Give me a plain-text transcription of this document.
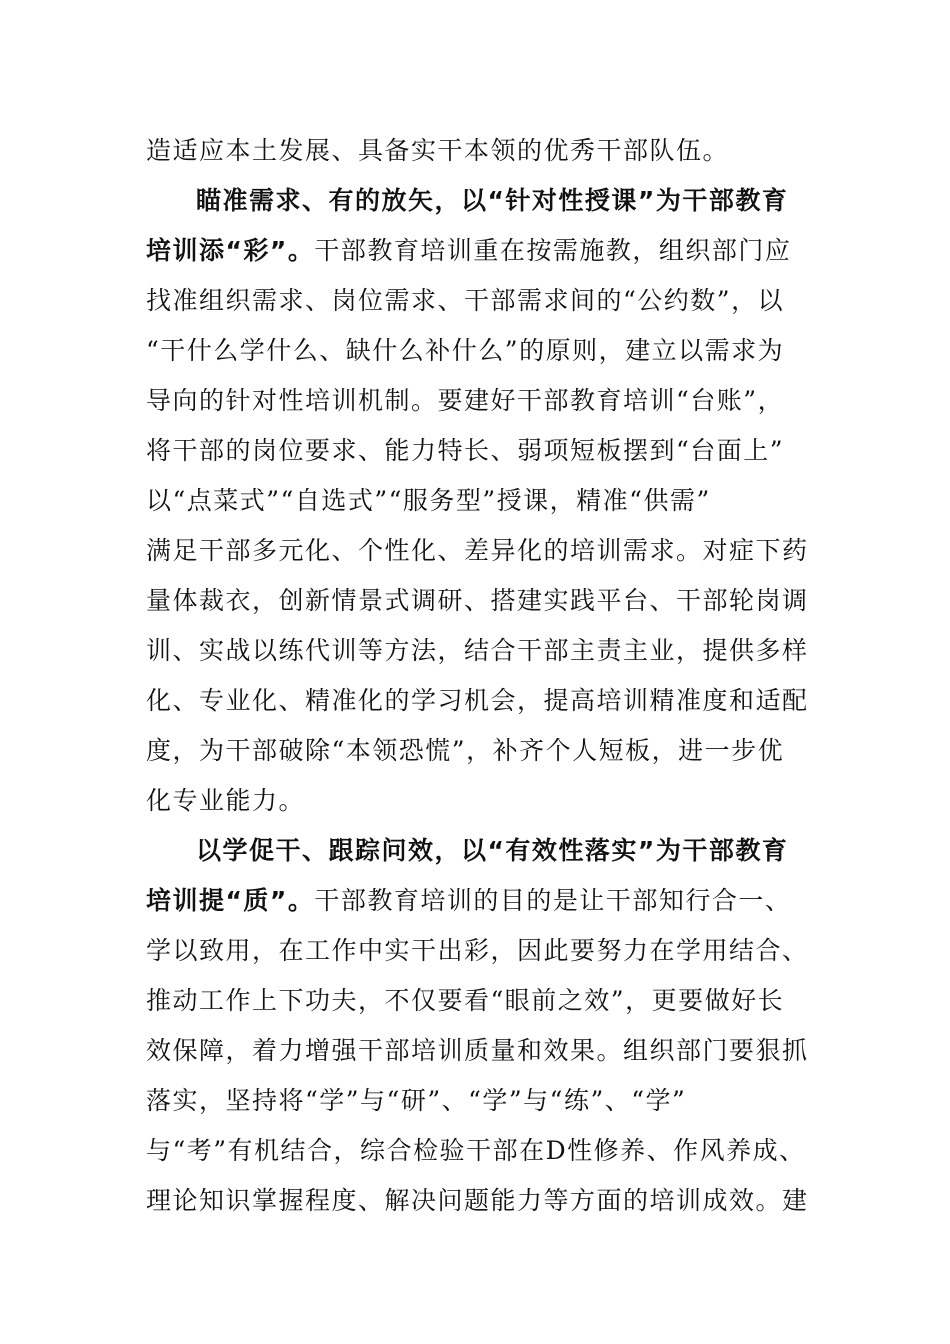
造适应本土发展、具备实干本领的优秀干部队伍。
瞄准需求、有的放矢，以“针对性授课”为干部教育
培训添“彩”。干部教育培训重在按需施教，组织部门应
找准组织需求、岗位需求、干部需求间的“公约数”，以
“干什么学什么、缺什么补什么”的原则，建立以需求为
导向的针对性培训机制。要建好干部教育培训“台账”，
将干部的岗位要求、能力特长、弱项短板摆到“台面上”
以“点菜式”“自选式”“服务型”授课，精准“供需”
满足干部多元化、个性化、差异化的培训需求。对症下药
量体裁衣，创新情景式调研、搭建实践平台、干部轮岗调
训、实战以练代训等方法，结合干部主责主业，提供多样
化、专业化、精准化的学习机会，提高培训精准度和适配
度，为干部破除“本领恐慌”，补齐个人短板，进一步优
化专业能力。
以学促干、跟踪问效，以“有效性落实”为干部教育
培训提“质”。干部教育培训的目的是让干部知行合一、
学以致用，在工作中实干出彩，因此要努力在学用结合、
推动工作上下功夫，不仅要看“眼前之效”，更要做好长
效保障，着力增强干部培训质量和效果。组织部门要狠抓
落实，坚持将“学”与“研”、“学”与“练”、“学”
与“考”有机结合，综合检验干部在D性修养、作风养成、
理论知识掌握程度、解决问题能力等方面的培训成效。建
